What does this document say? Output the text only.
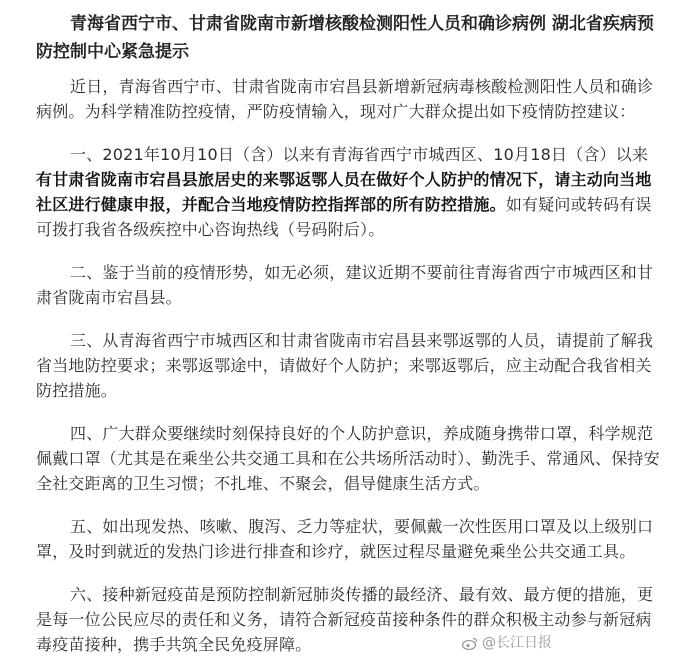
青海省西宁市、甘肃省陇南市新增核酸检测阳性人员和确诊病例 湖北省疾病预防控制中心紧急提示

近日，青海省西宁市、甘肃省陇南市宕昌县新增新冠病毒核酸检测阳性人员和确诊病例。为科学精准防控疫情，严防疫情输入，现对广大群众提出如下疫情防控建议：

一、2021年10月10日（含）以来有青海省西宁市城西区、10月18日（含）以来有甘肃省陇南市宕昌县旅居史的来鄂返鄂人员在做好个人防护的情况下，请主动向当地社区进行健康申报，并配合当地疫情防控指挥部的所有防控措施。如有疑问或转码有误可拨打我省各级疾控中心咨询热线（号码附后）。

二、鉴于当前的疫情形势，如无必须，建议近期不要前往青海省西宁市城西区和甘肃省陇南市宕昌县。

三、从青海省西宁市城西区和甘肃省陇南市宕昌县来鄂返鄂的人员，请提前了解我省当地防控要求；来鄂返鄂途中，请做好个人防护；来鄂返鄂后，应主动配合我省相关防控措施。

四、广大群众要继续时刻保持良好的个人防护意识，养成随身携带口罩，科学规范佩戴口罩（尤其是在乘坐公共交通工具和在公共场所活动时）、勤洗手、常通风、保持安全社交距离的卫生习惯；不扎堆、不聚会，倡导健康生活方式。

五、如出现发热、咳嗽、腹泻、乏力等症状，要佩戴一次性医用口罩及以上级别口罩，及时到就近的发热门诊进行排查和诊疗，就医过程尽量避免乘坐公共交通工具。

六、接种新冠疫苗是预防控制新冠肺炎传播的最经济、最有效、最方便的措施，更是每一位公民应尽的责任和义务，请符合新冠疫苗接种条件的群众积极主动参与新冠病毒疫苗接种，携手共筑全民免疫屏障。	@长江日报
